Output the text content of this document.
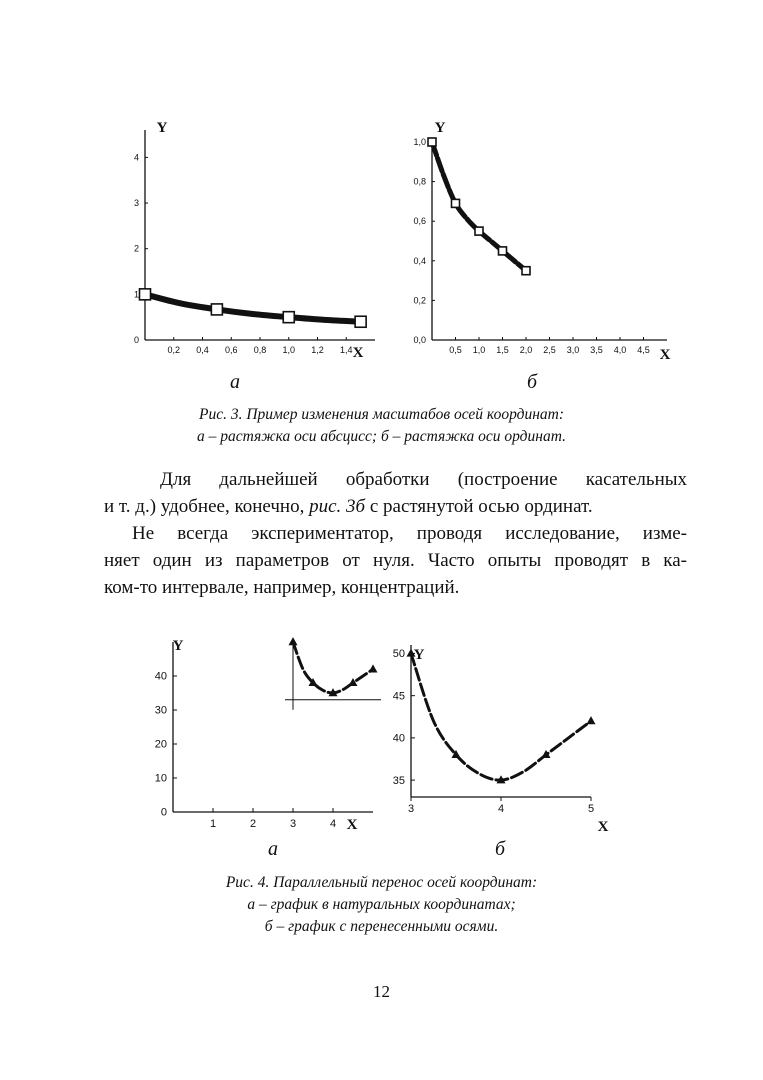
0,2 0,4 0,6 0,8 1,0 1,2 1,4
0
1
2
3
4
X
Y
0,5 1,0 1,5 2,0 2,5 3,0 3,5 4,0 4,5
0,0
0,2
0,4
0,6
0,8
1,0
X
Y
а	б
Рис. 3. Пример изменения масштабов осей координат:
а – растяжка оси абсцисс; б – растяжка оси ординат.
Для дальнейшей обработки (построение касательных
и т. д.) удобнее, конечно, рис. 3б с растянутой осью ординат.
Не всегда экспериментатор, проводя исследование, изме-
няет один из параметров от нуля. Часто опыты проводят в ка-
ком-то интервале, например, концентраций.
1	2	3	4
0
10
20
30
40
X
Y
3	4	5
35
40
45
50
X
Y
а	б
Рис. 4. Параллельный перенос осей координат:
а – график в натуральных координатах;
б – график с перенесенными осями.
12
